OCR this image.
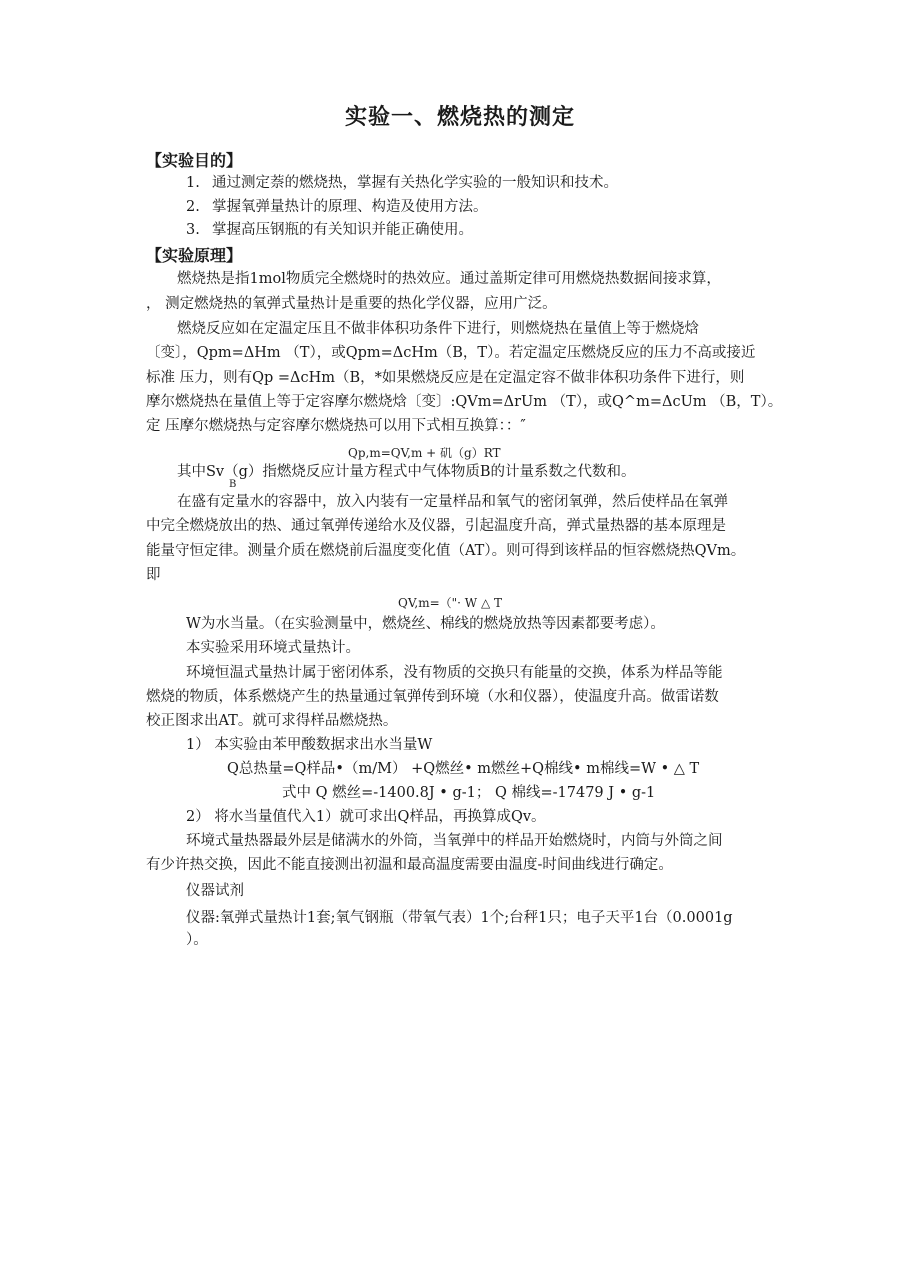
实验一、燃烧热的测定
【实验目的】
1. 通过测定萘的燃烧热，掌握有关热化学实验的一般知识和技术。
2. 掌握氧弹量热计的原理、构造及使用方法。
3. 掌握高压钢瓶的有关知识并能正确使用。
【实验原理】
燃烧热是指1mol物质完全燃烧时的热效应。通过盖斯定律可用燃烧热数据间接求算，
， 测定燃烧热的氧弹式量热计是重要的热化学仪器，应用广泛。
燃烧反应如在定温定压且不做非体积功条件下进行，则燃烧热在量值上等于燃烧焓
〔变〕，Qpm=ΔHm （T），或Qpm=ΔcHm（B，T）。若定温定压燃烧反应的压力不高或接近
标准 压力，则有Qp =ΔcHm（B，*如果燃烧反应是在定温定容不做非体积功条件下进行，则
摩尔燃烧热在量值上等于定容摩尔燃烧焓〔变〕:QVm=ΔrUm （T），或Q^m=ΔcUm （B，T）。
定 压摩尔燃烧热与定容摩尔燃烧热可以用下式相互换算：：″
Qp,m=QV,m + 矶（g）RT
其中Sv（g）指燃烧反应计量方程式中气体物质B的计量系数之代数和。
B
在盛有定量水的容器中，放入内装有一定量样品和氧气的密闭氧弹，然后使样品在氧弹
中完全燃烧放出的热、通过氧弹传递给水及仪器，引起温度升高，弹式量热器的基本原理是
能量守恒定律。测量介质在燃烧前后温度变化值（AT）。则可得到该样品的恒容燃烧热QVm。
即
QV,m=（"· W △ T
W为水当量。（在实验测量中，燃烧丝、棉线的燃烧放热等因素都要考虑）。
本实验采用环境式量热计。
环境恒温式量热计属于密闭体系，没有物质的交换只有能量的交换，体系为样品等能
燃烧的物质，体系燃烧产生的热量通过氧弹传到环境（水和仪器），使温度升高。做雷诺数
校正图求出AT。就可求得样品燃烧热。
1） 本实验由苯甲酸数据求出水当量W
Q总热量=Q样品•（m/M） +Q燃丝• m燃丝+Q棉线• m棉线=W • △ T
式中 Q 燃丝=-1400.8J • g-1； Q 棉线=-17479 J • g-1
2） 将水当量值代入1）就可求出Q样品，再换算成Qv。
环境式量热器最外层是储满水的外筒，当氧弹中的样品开始燃烧时，内筒与外筒之间
有少许热交换，因此不能直接测出初温和最高温度需要由温度-时间曲线进行确定。
仪器试剂
仪器:氧弹式量热计1套;氧气钢瓶（带氧气表）1个;台秤1只；电子天平1台（0.0001g
）。
